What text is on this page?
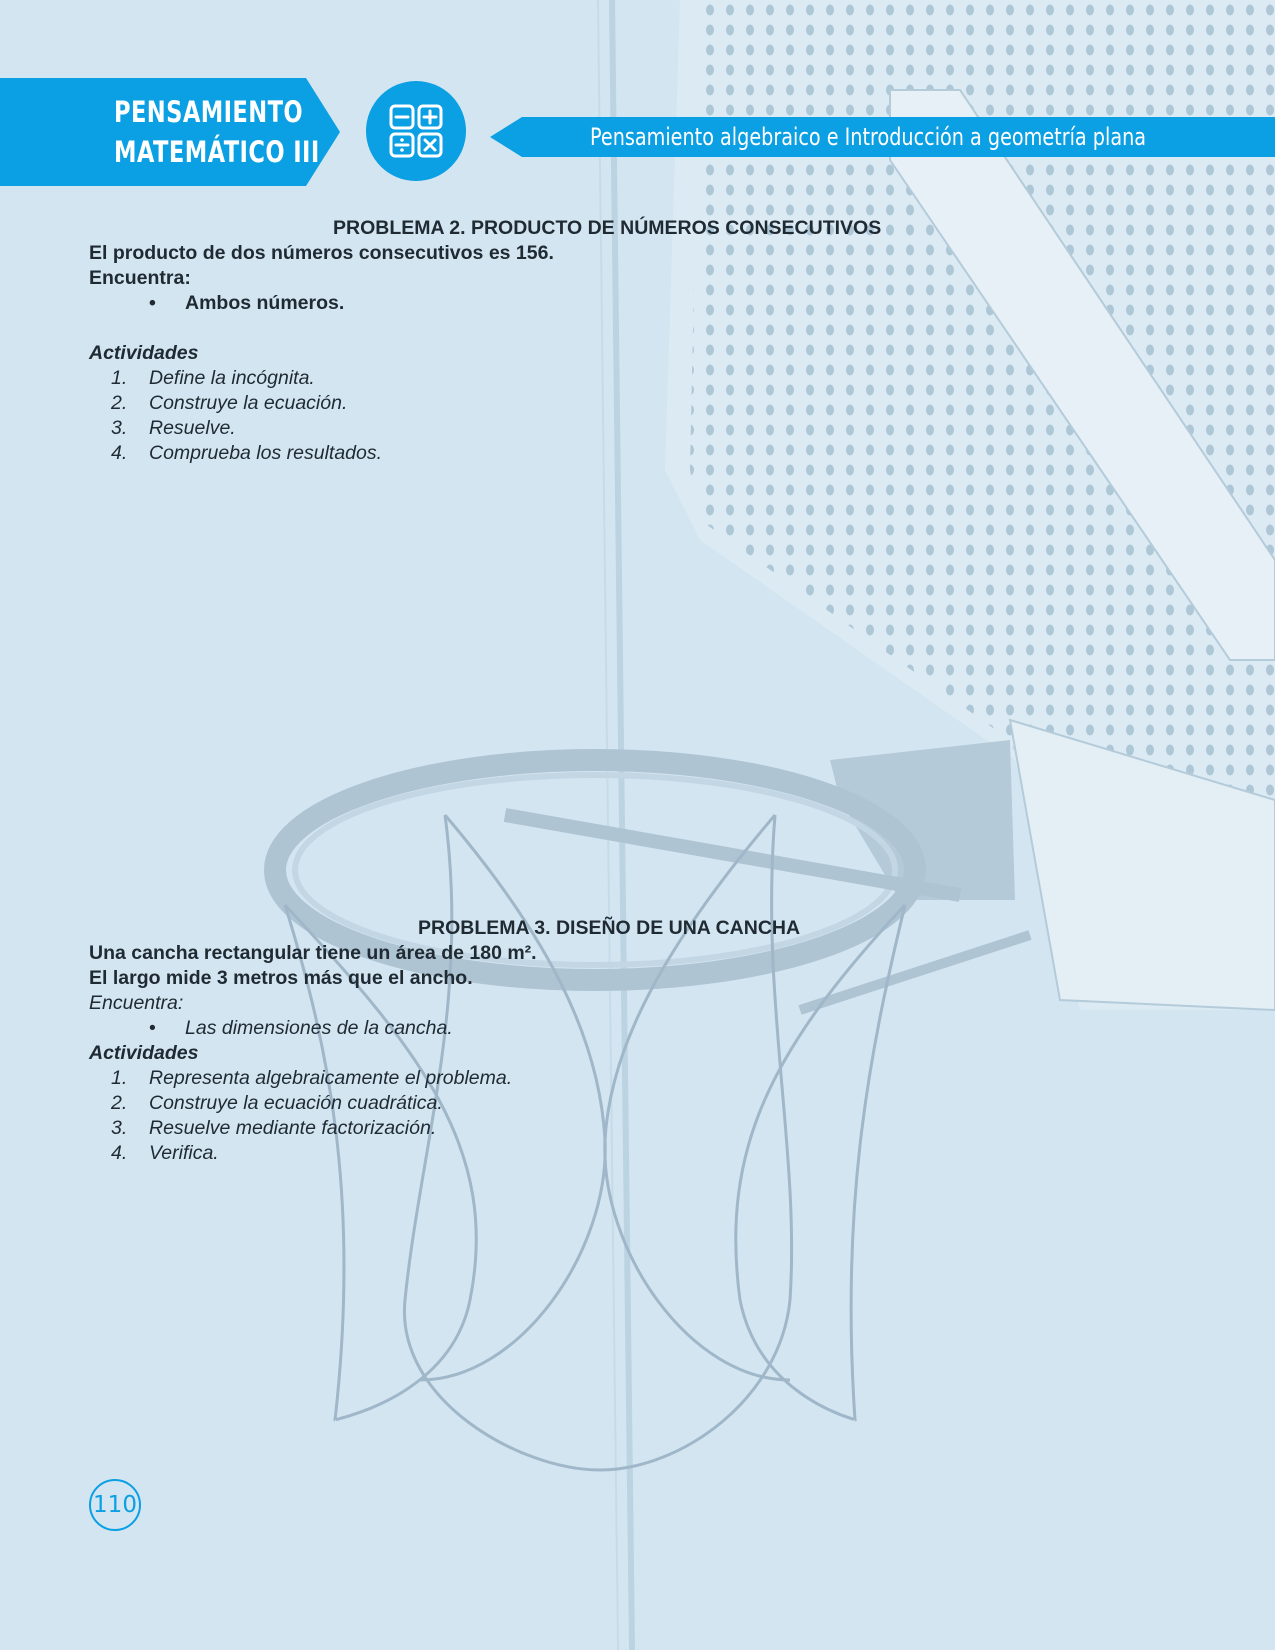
PENSAMIENTO
MATEMÁTICO III	Pensamiento algebraico e Introducción a geometría plana
PROBLEMA 2. PRODUCTO DE NÚMEROS CONSECUTIVOS
El producto de dos números consecutivos es 156.
Encuentra:
•	Ambos números.
Actividades
1.	Define la incógnita.
2.	Construye la ecuación.
3.	Resuelve.
4.	Comprueba los resultados.
PROBLEMA 3. DISEÑO DE UNA CANCHA
Una cancha rectangular tiene un área de 180 m².
El largo mide 3 metros más que el ancho.
Encuentra:
•	Las dimensiones de la cancha.
Actividades
1.	Representa algebraicamente el problema.
2.	Construye la ecuación cuadrática.
3.	Resuelve mediante factorización.
4.	Verifica.
110
